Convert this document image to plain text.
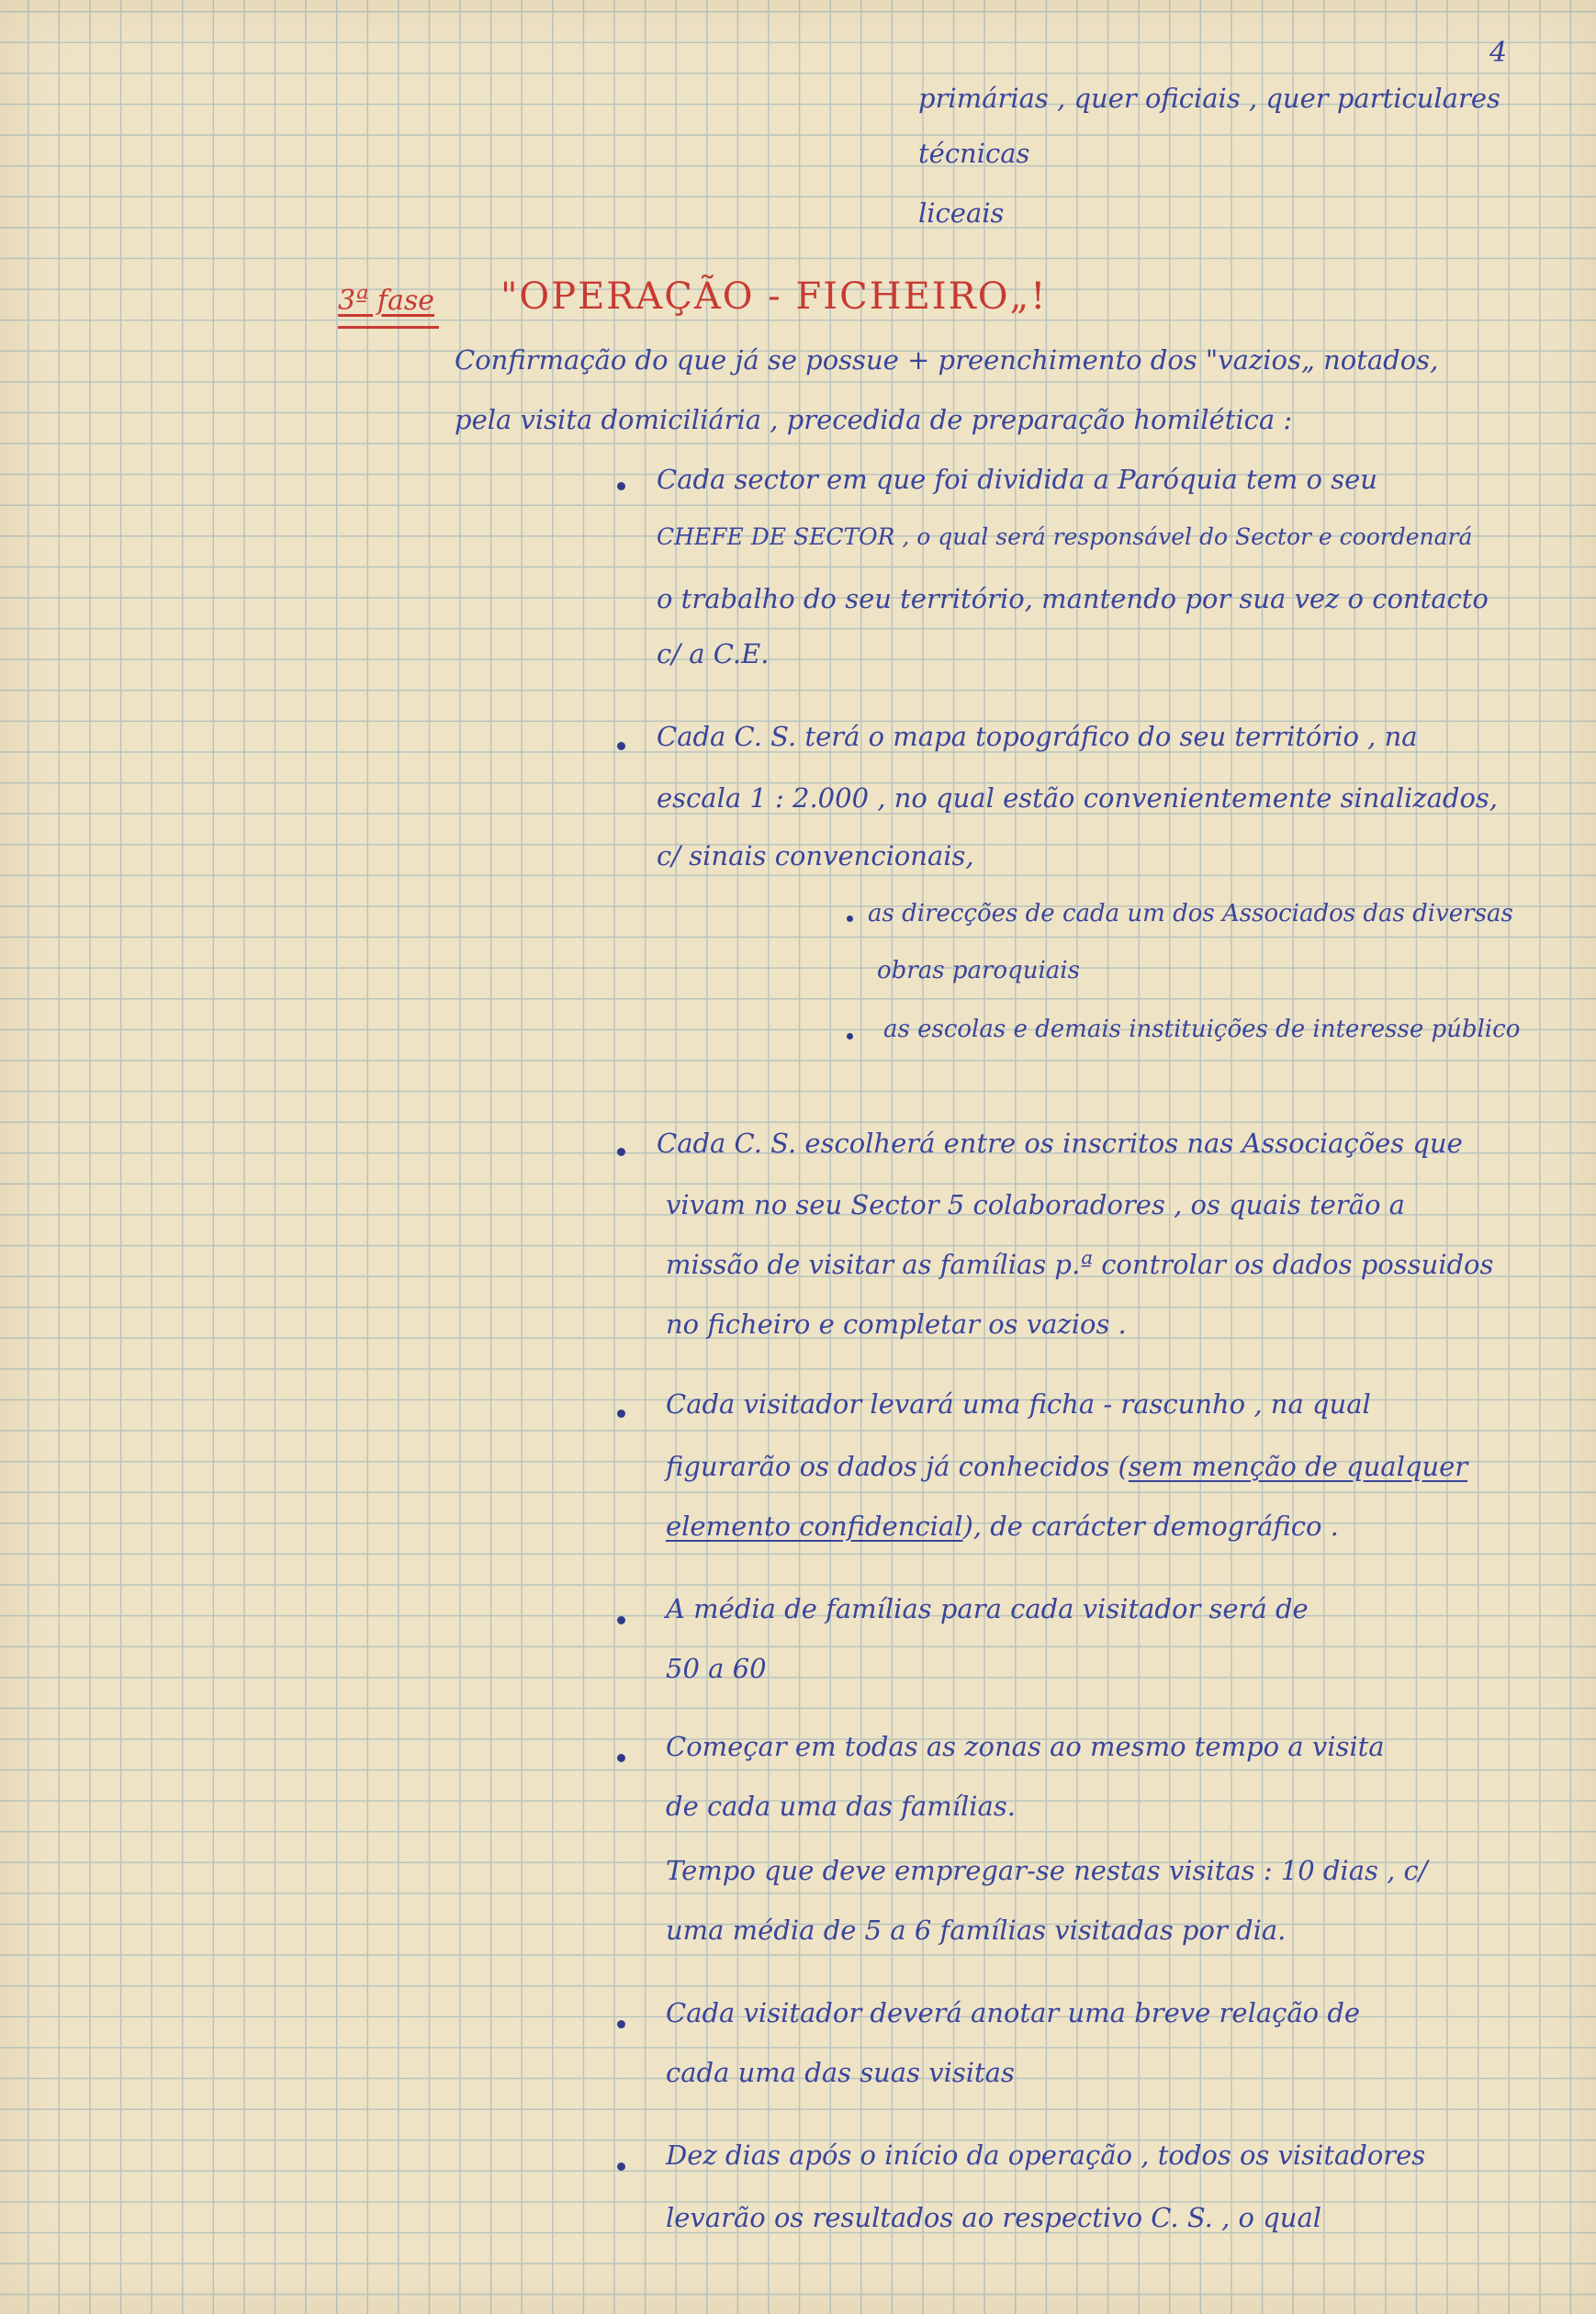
4
primárias , quer oficiais , quer particulares
técnicas
liceais
3ª fase "OPERAÇÃO - FICHEIRO„!
Confirmação do que já se possue + preenchimento dos "vazios„ notados,
pela visita domiciliária , precedida de preparação homilética :
Cada sector em que foi dividida a Paróquia tem o seu
CHEFE DE SECTOR , o qual será responsável do Sector e coordenará
o trabalho do seu território, mantendo por sua vez o contacto
c/ a C.E.
Cada C. S. terá o mapa topográfico do seu território , na
escala 1 : 2.000 , no qual estão convenientemente sinalizados,
c/ sinais convencionais,
as direcções de cada um dos Associados das diversas
obras paroquiais
as escolas e demais instituições de interesse público
Cada C. S. escolherá entre os inscritos nas Associações que
vivam no seu Sector 5 colaboradores , os quais terão a
missão de visitar as famílias p.ª controlar os dados possuidos
no ficheiro e completar os vazios .
Cada visitador levará uma ficha - rascunho , na qual
figurarão os dados já conhecidos (sem menção de qualquer
elemento confidencial), de carácter demográfico .
A média de famílias para cada visitador será de
50 a 60
Começar em todas as zonas ao mesmo tempo a visita
de cada uma das famílias.
Tempo que deve empregar-se nestas visitas : 10 dias , c/
uma média de 5 a 6 famílias visitadas por dia.
Cada visitador deverá anotar uma breve relação de
cada uma das suas visitas
Dez dias após o início da operação , todos os visitadores
levarão os resultados ao respectivo C. S. , o qual
